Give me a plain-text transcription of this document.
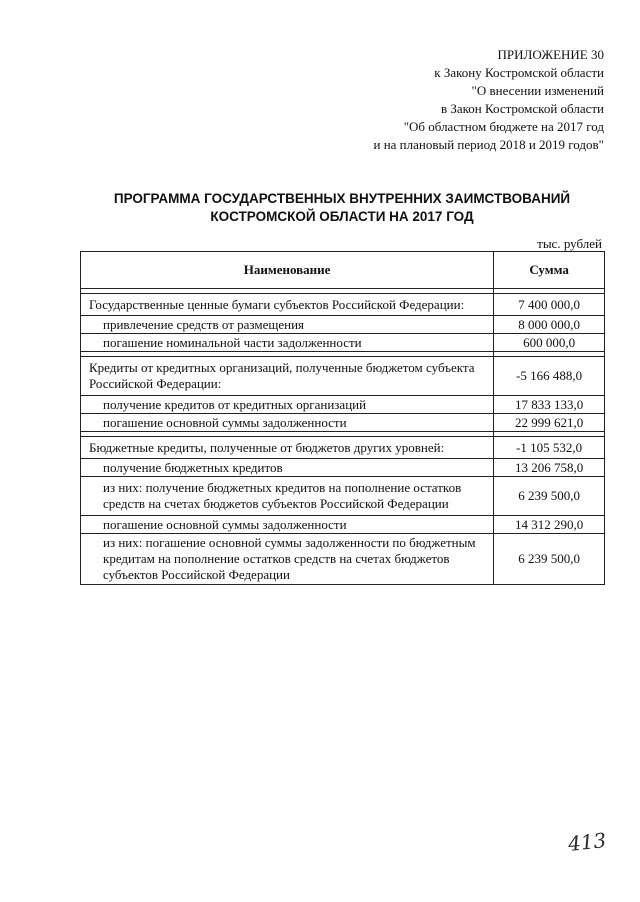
ПРИЛОЖЕНИЕ 30
к Закону Костромской области
"О внесении изменений
в Закон Костромской области
"Об областном бюджете на 2017 год
и на плановый период 2018 и 2019 годов"
ПРОГРАММА ГОСУДАРСТВЕННЫХ ВНУТРЕННИХ ЗАИМСТВОВАНИЙ
КОСТРОМСКОЙ ОБЛАСТИ НА 2017 ГОД
тыс. рублей
Наименование	Сумма

Государственные ценные бумаги субъектов Российской Федерации:	7 400 000,0
привлечение средств от размещения	8 000 000,0
погашение номинальной части задолженности	600 000,0

Кредиты от кредитных организаций, полученные бюджетом субъекта Российской Федерации:	-5 166 488,0
получение кредитов от кредитных организаций	17 833 133,0
погашение основной суммы задолженности	22 999 621,0

Бюджетные кредиты, полученные от бюджетов других уровней:	-1 105 532,0
получение бюджетных кредитов	13 206 758,0
из них: получение бюджетных кредитов на пополнение остатков средств на счетах бюджетов субъектов Российской Федерации	6 239 500,0
погашение основной суммы задолженности	14 312 290,0
из них: погашение основной суммы задолженности по бюджетным кредитам на пополнение остатков средств на счетах бюджетов субъектов Российской Федерации	6 239 500,0
413
